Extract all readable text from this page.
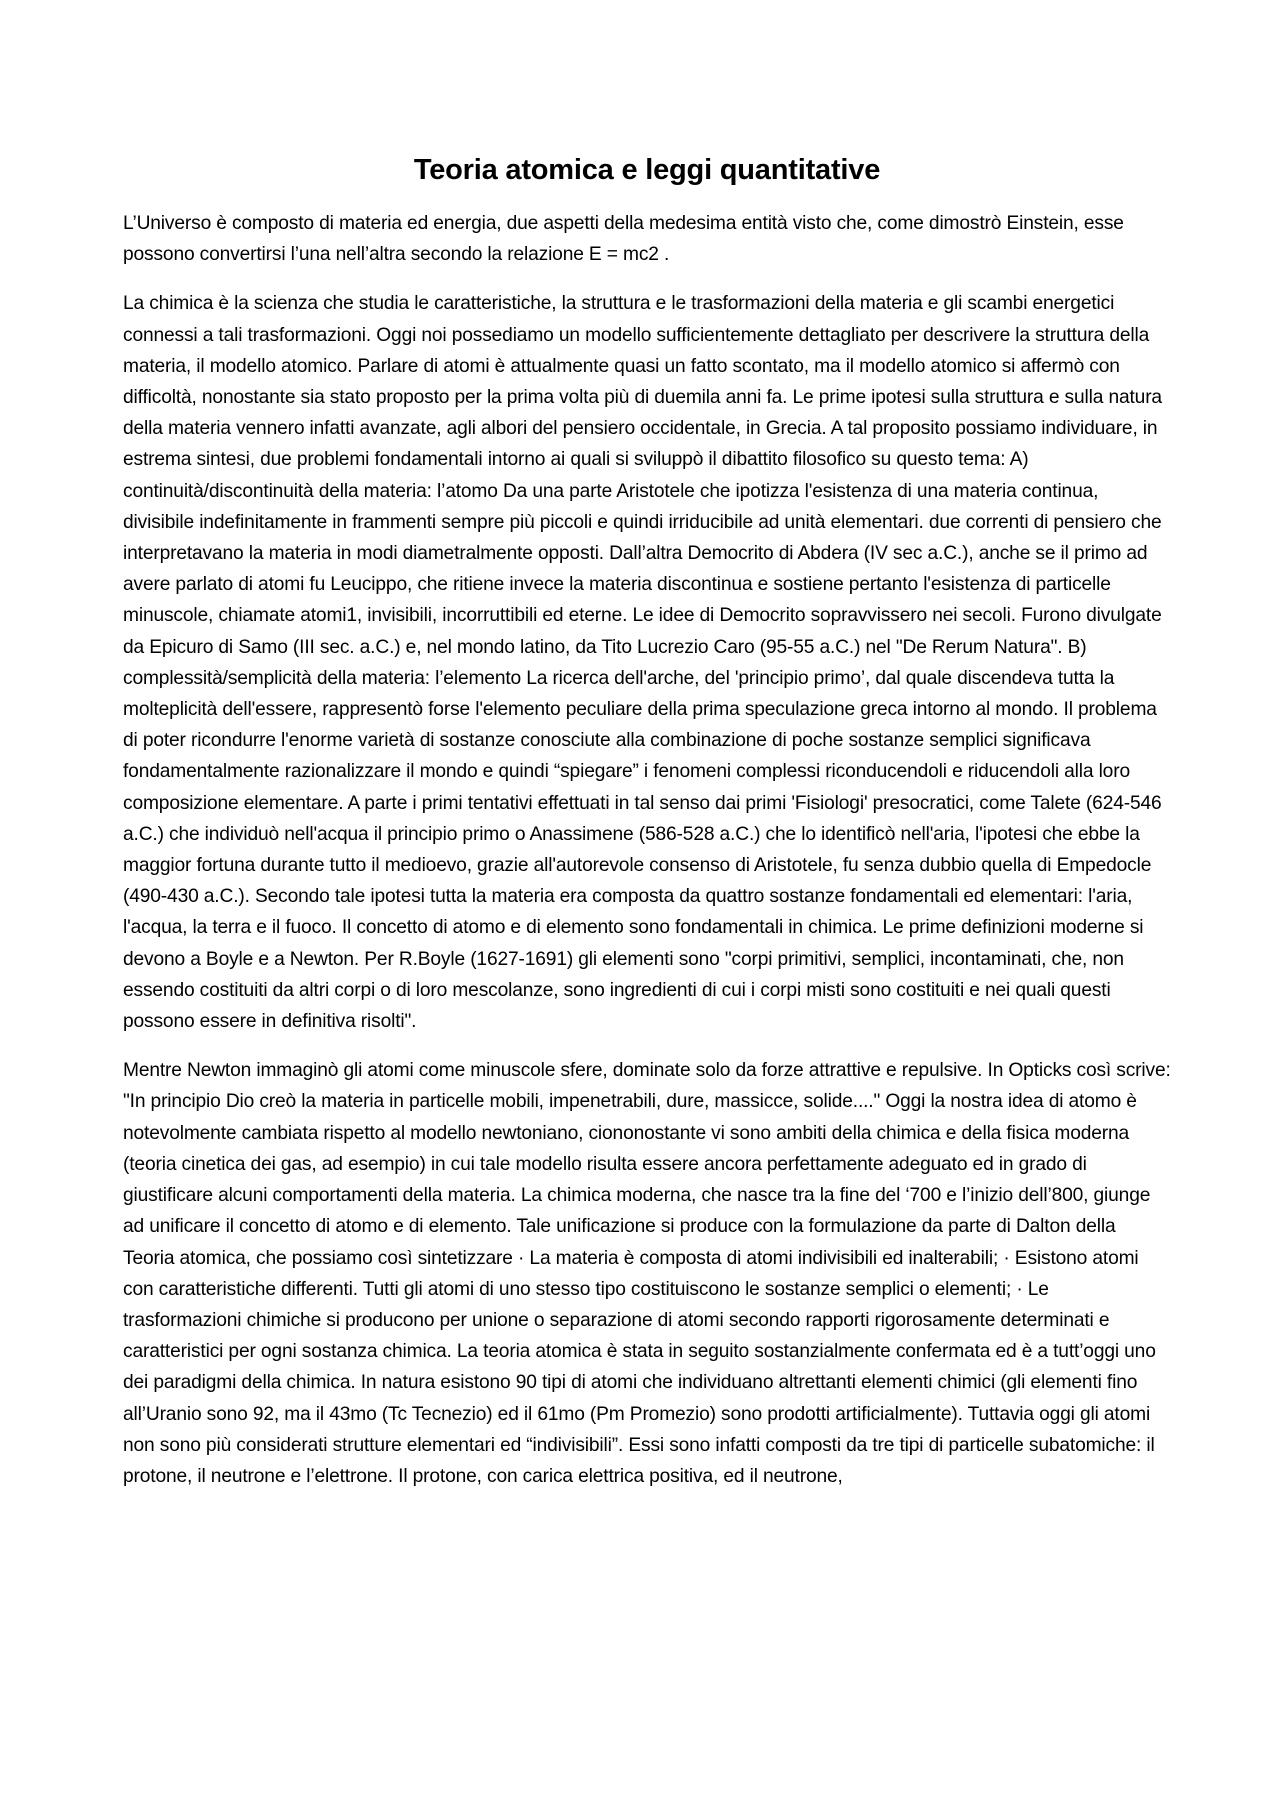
Teoria atomica e leggi quantitative

L’Universo è composto di materia ed energia, due aspetti della medesima entità visto che, come dimostrò Einstein, esse possono convertirsi l’una nell’altra secondo la relazione E = mc2 .

La chimica è la scienza che studia le caratteristiche, la struttura e le trasformazioni della materia e gli scambi energetici connessi a tali trasformazioni. Oggi noi possediamo un modello sufficientemente dettagliato per descrivere la struttura della materia, il modello atomico. Parlare di atomi è attualmente quasi un fatto scontato, ma il modello atomico si affermò con difficoltà, nonostante sia stato proposto per la prima volta più di duemila anni fa. Le prime ipotesi sulla struttura e sulla natura della materia vennero infatti avanzate, agli albori del pensiero occidentale, in Grecia. A tal proposito possiamo individuare, in estrema sintesi, due problemi fondamentali intorno ai quali si sviluppò il dibattito filosofico su questo tema: A) continuità/discontinuità della materia: l’atomo Da una parte Aristotele che ipotizza l'esistenza di una materia continua, divisibile indefinitamente in frammenti sempre più piccoli e quindi irriducibile ad unità elementari. due correnti di pensiero che interpretavano la materia in modi diametralmente opposti. Dall’altra Democrito di Abdera (IV sec a.C.), anche se il primo ad avere parlato di atomi fu Leucippo, che ritiene invece la materia discontinua e sostiene pertanto l'esistenza di particelle minuscole, chiamate atomi1, invisibili, incorruttibili ed eterne. Le idee di Democrito sopravvissero nei secoli. Furono divulgate da Epicuro di Samo (III sec. a.C.) e, nel mondo latino, da Tito Lucrezio Caro (95-55 a.C.) nel "De Rerum Natura". B) complessità/semplicità della materia: l’elemento La ricerca dell'arche, del 'principio primo’, dal quale discendeva tutta la molteplicità dell'essere, rappresentò forse l'elemento peculiare della prima speculazione greca intorno al mondo. Il problema di poter ricondurre l'enorme varietà di sostanze conosciute alla combinazione di poche sostanze semplici significava fondamentalmente razionalizzare il mondo e quindi “spiegare” i fenomeni complessi riconducendoli e riducendoli alla loro composizione elementare. A parte i primi tentativi effettuati in tal senso dai primi 'Fisiologi' presocratici, come Talete (624-546 a.C.) che individuò nell'acqua il principio primo o Anassimene (586-528 a.C.) che lo identificò nell'aria, l'ipotesi che ebbe la maggior fortuna durante tutto il medioevo, grazie all'autorevole consenso di Aristotele, fu senza dubbio quella di Empedocle (490-430 a.C.). Secondo tale ipotesi tutta la materia era composta da quattro sostanze fondamentali ed elementari: l'aria, l'acqua, la terra e il fuoco. Il concetto di atomo e di elemento sono fondamentali in chimica. Le prime definizioni moderne si devono a Boyle e a Newton. Per R.Boyle (1627-1691) gli elementi sono "corpi primitivi, semplici, incontaminati, che, non essendo costituiti da altri corpi o di loro mescolanze, sono ingredienti di cui i corpi misti sono costituiti e nei quali questi possono essere in definitiva risolti".

Mentre Newton immaginò gli atomi come minuscole sfere, dominate solo da forze attrattive e repulsive. In Opticks così scrive: "In principio Dio creò la materia in particelle mobili, impenetrabili, dure, massicce, solide...." Oggi la nostra idea di atomo è notevolmente cambiata rispetto al modello newtoniano, ciononostante vi sono ambiti della chimica e della fisica moderna (teoria cinetica dei gas, ad esempio) in cui tale modello risulta essere ancora perfettamente adeguato ed in grado di giustificare alcuni comportamenti della materia. La chimica moderna, che nasce tra la fine del ‘700 e l’inizio dell’800, giunge ad unificare il concetto di atomo e di elemento. Tale unificazione si produce con la formulazione da parte di Dalton della Teoria atomica, che possiamo così sintetizzare · La materia è composta di atomi indivisibili ed inalterabili; · Esistono atomi con caratteristiche differenti. Tutti gli atomi di uno stesso tipo costituiscono le sostanze semplici o elementi; · Le trasformazioni chimiche si producono per unione o separazione di atomi secondo rapporti rigorosamente determinati e caratteristici per ogni sostanza chimica. La teoria atomica è stata in seguito sostanzialmente confermata ed è a tutt’oggi uno dei paradigmi della chimica. In natura esistono 90 tipi di atomi che individuano altrettanti elementi chimici (gli elementi fino all’Uranio sono 92, ma il 43mo (Tc Tecnezio) ed il 61mo (Pm Promezio) sono prodotti artificialmente). Tuttavia oggi gli atomi non sono più considerati strutture elementari ed “indivisibili”. Essi sono infatti composti da tre tipi di particelle subatomiche: il protone, il neutrone e l’elettrone. Il protone, con carica elettrica positiva, ed il neutrone,
